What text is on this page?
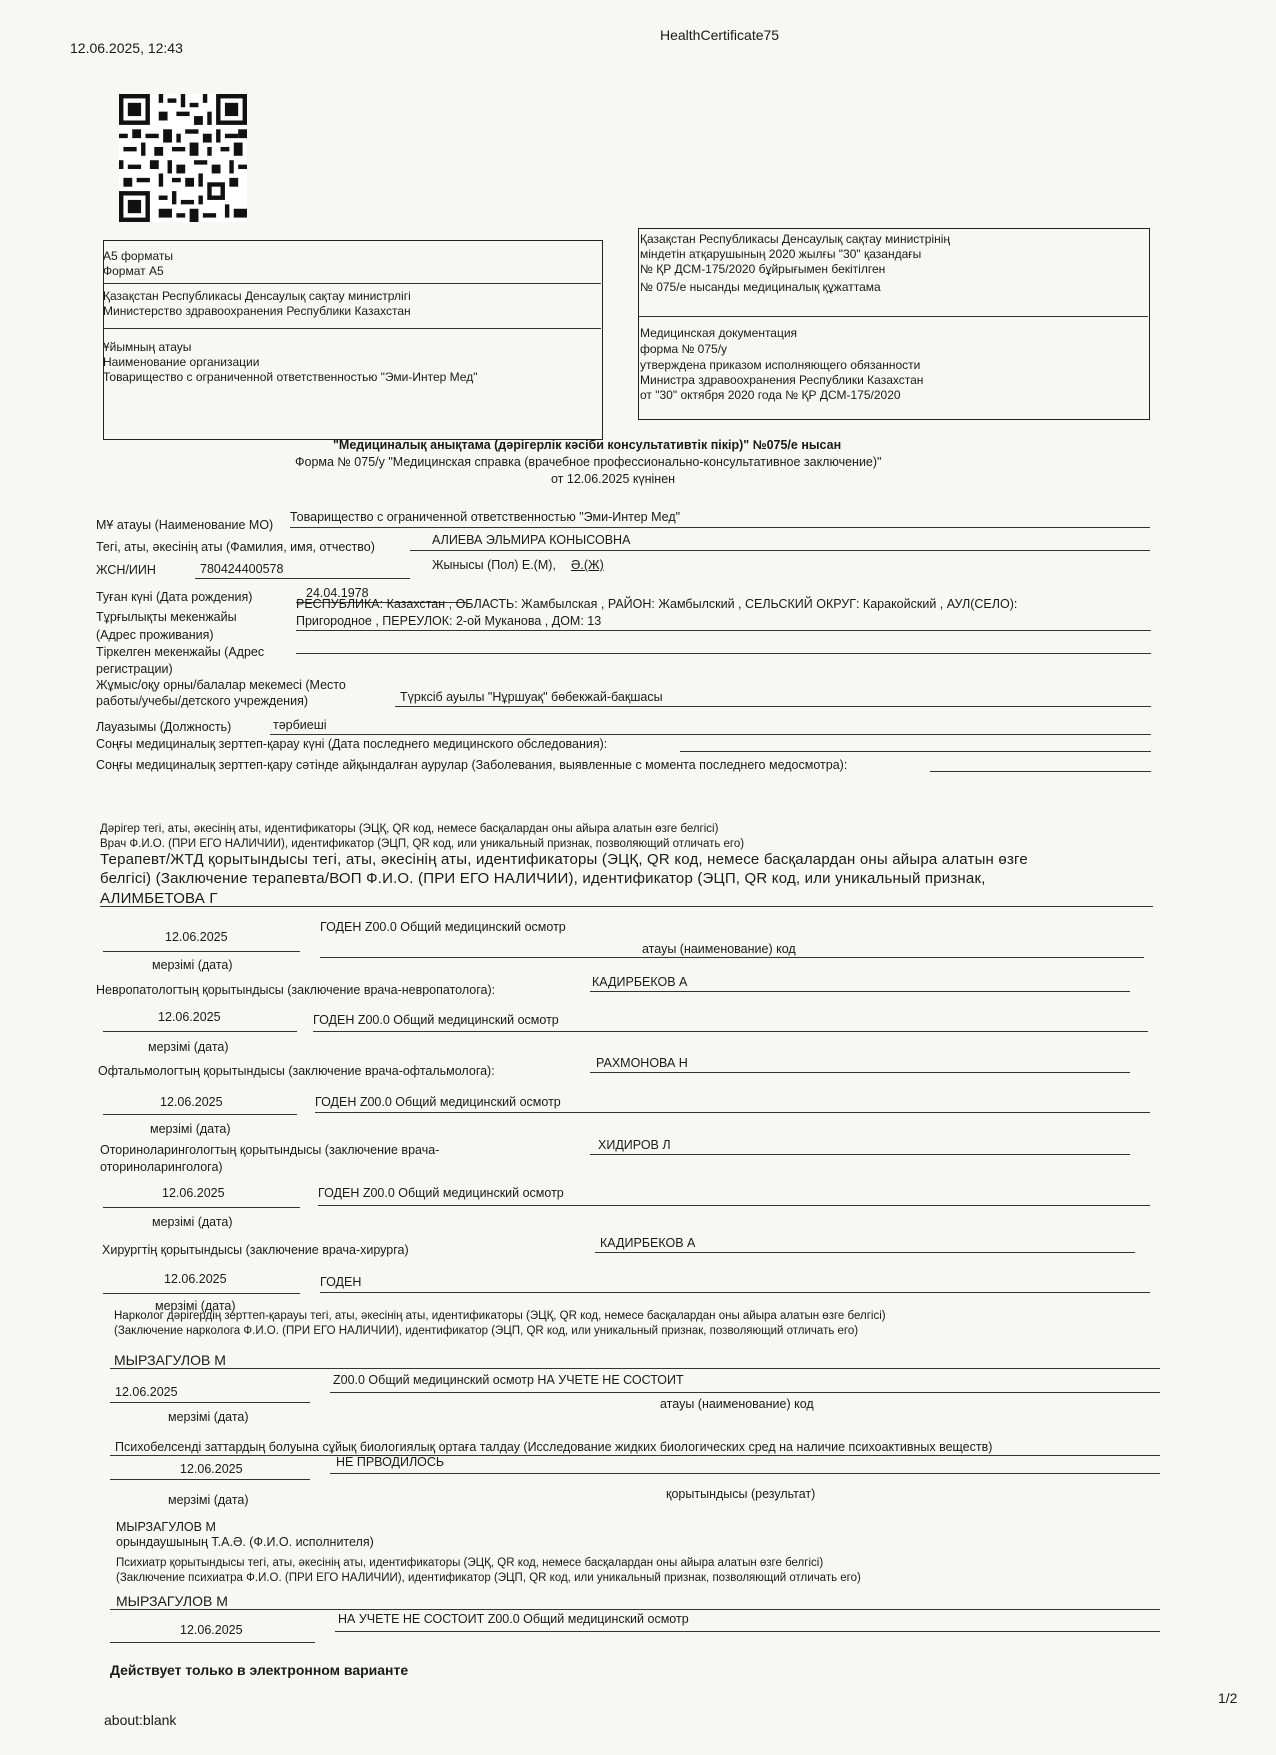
12.06.2025, 12:43
HealthCertificate75
А5 форматы
Формат А5
Қазақстан Республикасы Денсаулық сақтау министрлігі
Министерство здравоохранения Республики Казахстан
Ұйымның атауы
Наименование организации
Товарищество с ограниченной ответственностью "Эми-Интер Мед"
Қазақстан Республикасы Денсаулық сақтау министрінің
міндетін атқарушының 2020 жылғы "30" қазандағы
№ ҚР ДСМ-175/2020 бұйрығымен бекітілген
№ 075/е нысанды медициналық құжаттама
Медицинская документация
форма № 075/у
утверждена приказом исполняющего обязанности
Министра здравоохранения Республики Казахстан
от "30" октября 2020 года № ҚР ДСМ-175/2020
"Медициналық анықтама (дәрігерлік кәсіби консультативтік пікір)" №075/е нысан
Форма № 075/у "Медицинская справка (врачебное профессионально-консультативное заключение)"
от 12.06.2025 күнінен
МҰ атауы (Наименование МО)
Товарищество с ограниченной ответственностью "Эми-Интер Мед"
Тегі, аты, әкесінің аты (Фамилия, имя, отчество)	АЛИЕВА ЭЛЬМИРА КОНЫСОВНА
ЖСН/ИИН	780424400578	Жынысы (Пол) Е.(М), Ә.(Ж)
Туған күні (Дата рождения)	24.04.1978
Тұрғылықты мекенжайы
(Адрес проживания)
РЕСПУБЛИКА: Казахстан , ОБЛАСТЬ: Жамбылская , РАЙОН: Жамбылский , СЕЛЬСКИЙ ОКРУГ: Каракойский , АУЛ(СЕЛО):
Пригородное , ПЕРЕУЛОК: 2-ой Муканова , ДОМ: 13
Тіркелген мекенжайы (Адрес
регистрации)
Жұмыс/оқу орны/балалар мекемесі (Место
работы/учебы/детского учреждения)	Түрксіб ауылы "Нұршуақ" бөбекжай-бақшасы
Лауазымы (Должность)	тәрбиеші
Соңғы медициналық зерттеп-қарау күні (Дата последнего медицинского обследования):
Соңғы медициналық зерттеп-қару сәтінде айқындалған аурулар (Заболевания, выявленные с момента последнего медосмотра):
Дәрігер тегі, аты, әкесінің аты, идентификаторы (ЭЦҚ, QR код, немесе басқалардан оны айыра алатын өзге белгісі)
Врач Ф.И.О. (ПРИ ЕГО НАЛИЧИИ), идентификатор (ЭЦП, QR код, или уникальный признак, позволяющий отличать его)
Терапевт/ЖТД қорытындысы тегі, аты, әкесінің аты, идентификаторы (ЭЦҚ, QR код, немесе басқалардан оны айыра алатын өзге
белгісі) (Заключение терапевта/ВОП Ф.И.О. (ПРИ ЕГО НАЛИЧИИ), идентификатор (ЭЦП, QR код, или уникальный признак,
АЛИМБЕТОВА Г
12.06.2025
ГОДЕН Z00.0 Общий медицинский осмотр
мерзімі (дата)
атауы (наименование) код
Невропатологтың қорытындысы (заключение врача-невропатолога):
КАДИРБЕКОВ А
12.06.2025	ГОДЕН Z00.0 Общий медицинский осмотр
мерзімі (дата)
Офтальмологтың қорытындысы (заключение врача-офтальмолога):
РАХМОНОВА Н
12.06.2025	ГОДЕН Z00.0 Общий медицинский осмотр
мерзімі (дата)
Оториноларингологтың қорытындысы (заключение врача-
оториноларинголога)
ХИДИРОВ Л
12.06.2025	ГОДЕН Z00.0 Общий медицинский осмотр
мерзімі (дата)
Хирургтің қорытындысы (заключение врача-хирурга)	КАДИРБЕКОВ А
12.06.2025	ГОДЕН
мерзімі (дата)
Нарколог дәрігердің зерттеп-қарауы тегі, аты, әкесінің аты, идентификаторы (ЭЦҚ, QR код, немесе басқалардан оны айыра алатын өзге белгісі)
(Заключение нарколога Ф.И.О. (ПРИ ЕГО НАЛИЧИИ), идентификатор (ЭЦП, QR код, или уникальный признак, позволяющий отличать его)
МЫРЗАГУЛОВ М
12.06.2025
Z00.0 Общий медицинский осмотр НА УЧЕТЕ НЕ СОСТОИТ
атауы (наименование) код
мерзімі (дата)
Психобелсенді заттардың болуына сұйық биологиялық ортаға талдау (Исследование жидких биологических сред на наличие психоактивных веществ)
12.06.2025	НЕ ПРВОДИЛОСЬ
мерзімі (дата)	қорытындысы (результат)
МЫРЗАГУЛОВ М
орындаушының Т.А.Ә. (Ф.И.О. исполнителя)
Психиатр қорытындысы тегі, аты, әкесінің аты, идентификаторы (ЭЦҚ, QR код, немесе басқалардан оны айыра алатын өзге белгісі)
(Заключение психиатра Ф.И.О. (ПРИ ЕГО НАЛИЧИИ), идентификатор (ЭЦП, QR код, или уникальный признак, позволяющий отличать его)
МЫРЗАГУЛОВ М
12.06.2025
НА УЧЕТЕ НЕ СОСТОИТ Z00.0 Общий медицинский осмотр
Действует только в электронном варианте
1/2
about:blank
